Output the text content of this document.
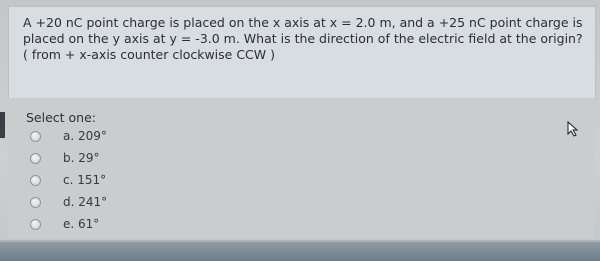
A +20 nC point charge is placed on the x axis at x = 2.0 m, and a +25 nC point charge is placed on the y axis at y = -3.0 m. What is the direction of the electric field at the origin? ( from + x-axis counter clockwise CCW )

Select one:
a. 209°
b. 29°
c. 151°
d. 241°
e. 61°
